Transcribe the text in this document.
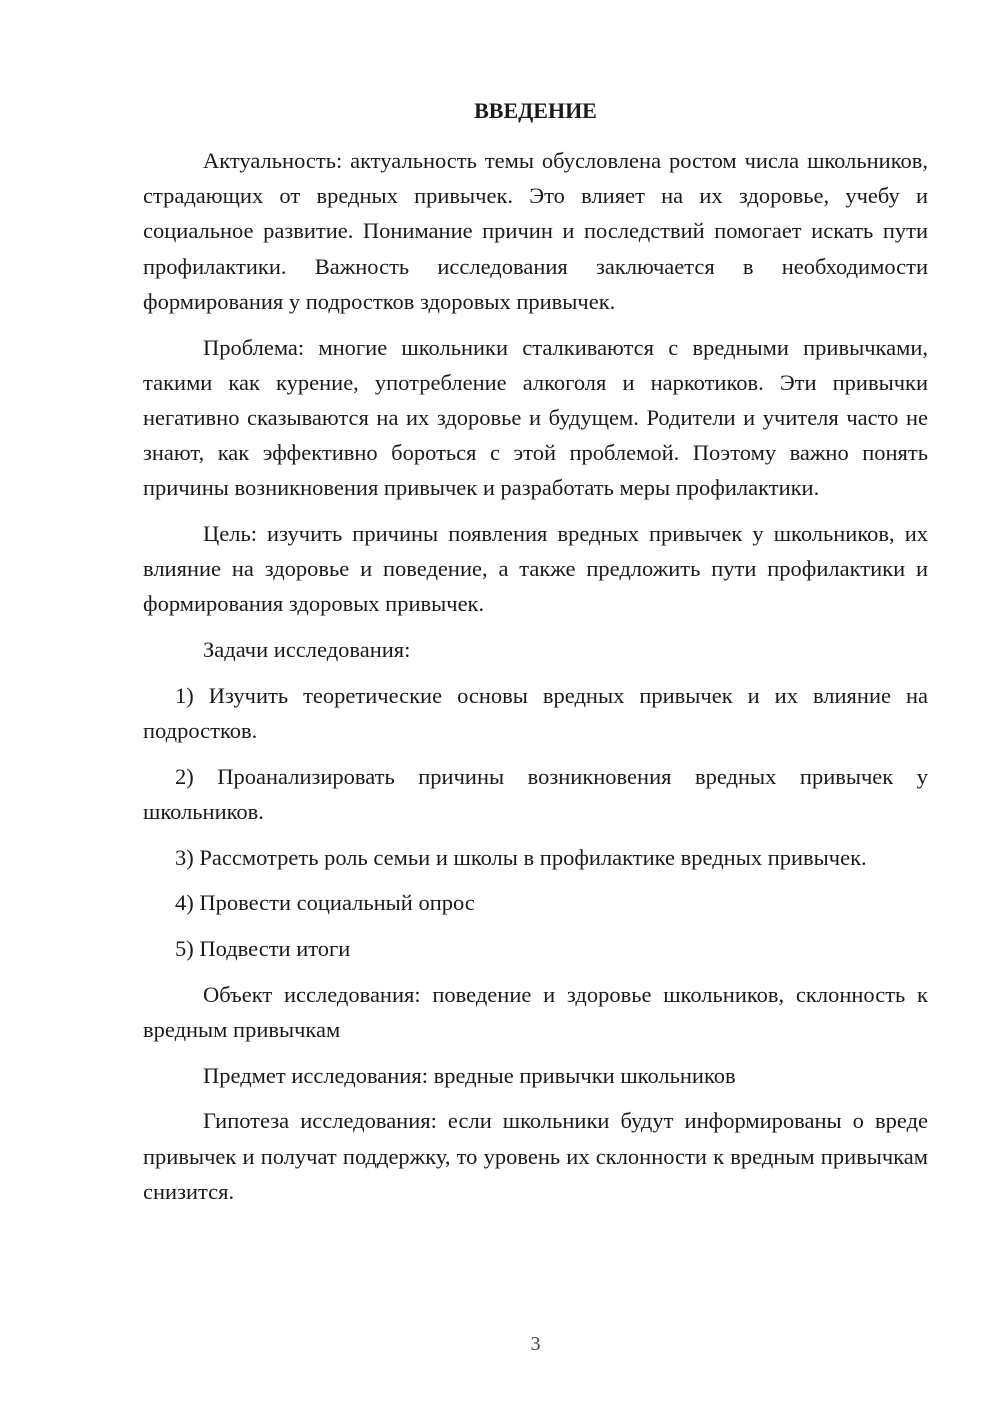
ВВЕДЕНИЕ

Актуальность: актуальность темы обусловлена ростом числа школьников, страдающих от вредных привычек. Это влияет на их здоровье, учебу и социальное развитие. Понимание причин и последствий помогает искать пути профилактики. Важность исследования заключается в необходимости формирования у подростков здоровых привычек.

Проблема: многие школьники сталкиваются с вредными привычками, такими как курение, употребление алкоголя и наркотиков. Эти привычки негативно сказываются на их здоровье и будущем. Родители и учителя часто не знают, как эффективно бороться с этой проблемой. Поэтому важно понять причины возникновения привычек и разработать меры профилактики.

Цель: изучить причины появления вредных привычек у школьников, их влияние на здоровье и поведение, а также предложить пути профилактики и формирования здоровых привычек.

Задачи исследования:

1) Изучить теоретические основы вредных привычек и их влияние на подростков.

2) Проанализировать причины возникновения вредных привычек у школьников.

3) Рассмотреть роль семьи и школы в профилактике вредных привычек.

4) Провести социальный опрос

5) Подвести итоги

Объект исследования: поведение и здоровье школьников, склонность к вредным привычкам

Предмет исследования: вредные привычки школьников

Гипотеза исследования: если школьники будут информированы о вреде привычек и получат поддержку, то уровень их склонности к вредным привычкам снизится.

3
